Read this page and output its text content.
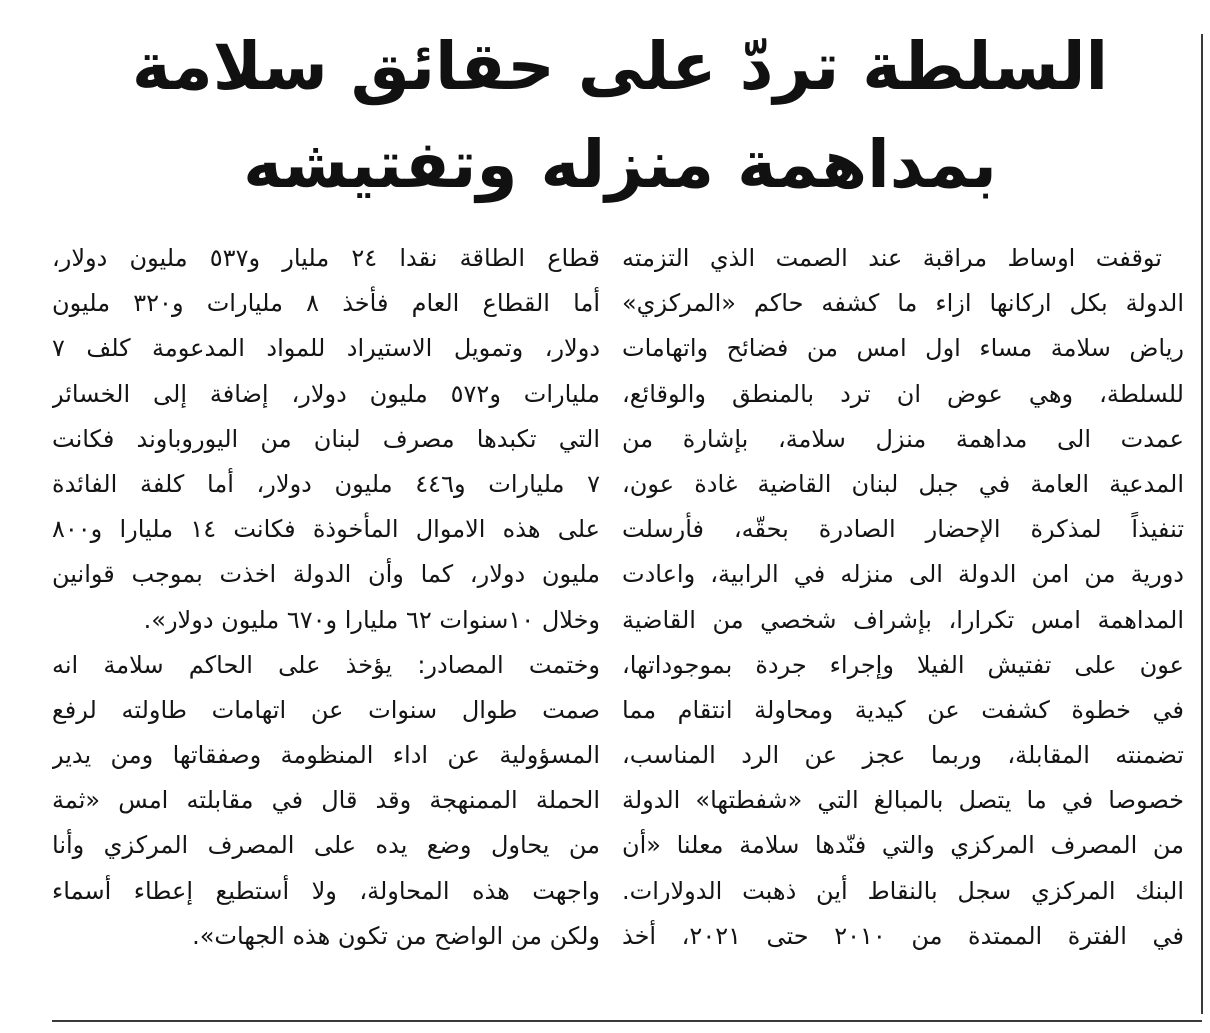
السلطة تردّ على حقائق سلامة
بمداهمة منزله وتفتيشه
توقفت اوساط مراقبة عند الصمت الذي التزمته
الدولة بكل اركانها ازاء ما كشفه حاكم «المركزي»
رياض سلامة مساء اول امس من فضائح واتهامات
للسلطة، وهي عوض ان ترد بالمنطق والوقائع،
عمدت الى مداهمة منزل سلامة، بإشارة من
المدعية العامة في جبل لبنان القاضية غادة عون،
تنفيذاً لمذكرة الإحضار الصادرة بحقّه، فأرسلت
دورية من امن الدولة الى منزله في الرابية، واعادت
المداهمة امس تكرارا، بإشراف شخصي من القاضية
عون على تفتيش الفيلا وإجراء جردة بموجوداتها،
في خطوة كشفت عن كيدية ومحاولة انتقام مما
تضمنته المقابلة، وربما عجز عن الرد المناسب،
خصوصا في ما يتصل بالمبالغ التي «شفطتها» الدولة
من المصرف المركزي والتي فنّدها سلامة معلنا «أن
البنك المركزي سجل بالنقاط أين ذهبت الدولارات.
في الفترة الممتدة من ٢٠١٠ حتى ٢٠٢١، أخذ
قطاع الطاقة نقدا ٢٤ مليار و٥٣٧ مليون دولار،
أما القطاع العام فأخذ ٨ مليارات و٣٢٠ مليون
دولار، وتمويل الاستيراد للمواد المدعومة كلف ٧
مليارات و٥٧٢ مليون دولار، إضافة إلى الخسائر
التي تكبدها مصرف لبنان من اليوروباوند فكانت
٧ مليارات و٤٤٦ مليون دولار، أما كلفة الفائدة
على هذه الاموال المأخوذة فكانت ١٤ مليارا و٨٠٠
مليون دولار، كما وأن الدولة اخذت بموجب قوانين
وخلال ١٠سنوات ٦٢ مليارا و٦٧٠ مليون دولار».
وختمت المصادر: يؤخذ على الحاكم سلامة انه
صمت طوال سنوات عن اتهامات طاولته لرفع
المسؤولية عن اداء المنظومة وصفقاتها ومن يدير
الحملة الممنهجة وقد قال في مقابلته امس «ثمة
من يحاول وضع يده على المصرف المركزي وأنا
واجهت هذه المحاولة، ولا أستطيع إعطاء أسماء
ولكن من الواضح من تكون هذه الجهات».
